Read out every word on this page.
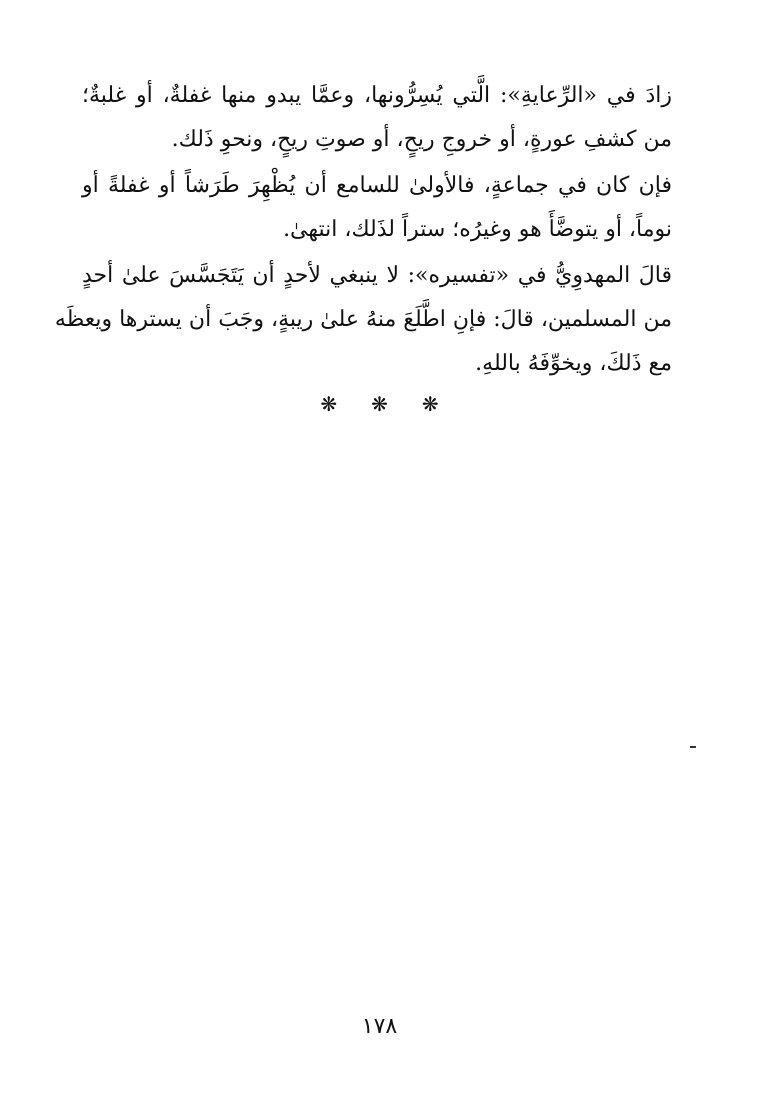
زادَ في «الرِّعايةِ»: الَّتي يُسِرُّونها، وعمَّا يبدو منها غفلةٌ، أو غلبةٌ؛
من كشفِ عورةٍ، أو خروجِ ريحٍ، أو صوتِ ريحٍ، ونحوِ ذَلك.

فإن كان في جماعةٍ، فالأولىٰ للسامع أن يُظْهِرَ طَرَشاً أو غفلةً أو
نوماً، أو يتوضَّأَ هو وغيرُه؛ ستراً لذَلك، انتهىٰ.

قالَ المهدوِيُّ في «تفسيره»: لا ينبغي لأحدٍ أن يَتَجَسَّسَ علىٰ أحدٍ
من المسلمين، قالَ: فإنِ اطَّلَعَ منهُ علىٰ ريبةٍ، وجَبَ أن يسترها ويعظَه
مع ذَلكَ، ويخوِّفَهُ باللهِ.

❋❋❋
١٧٨
